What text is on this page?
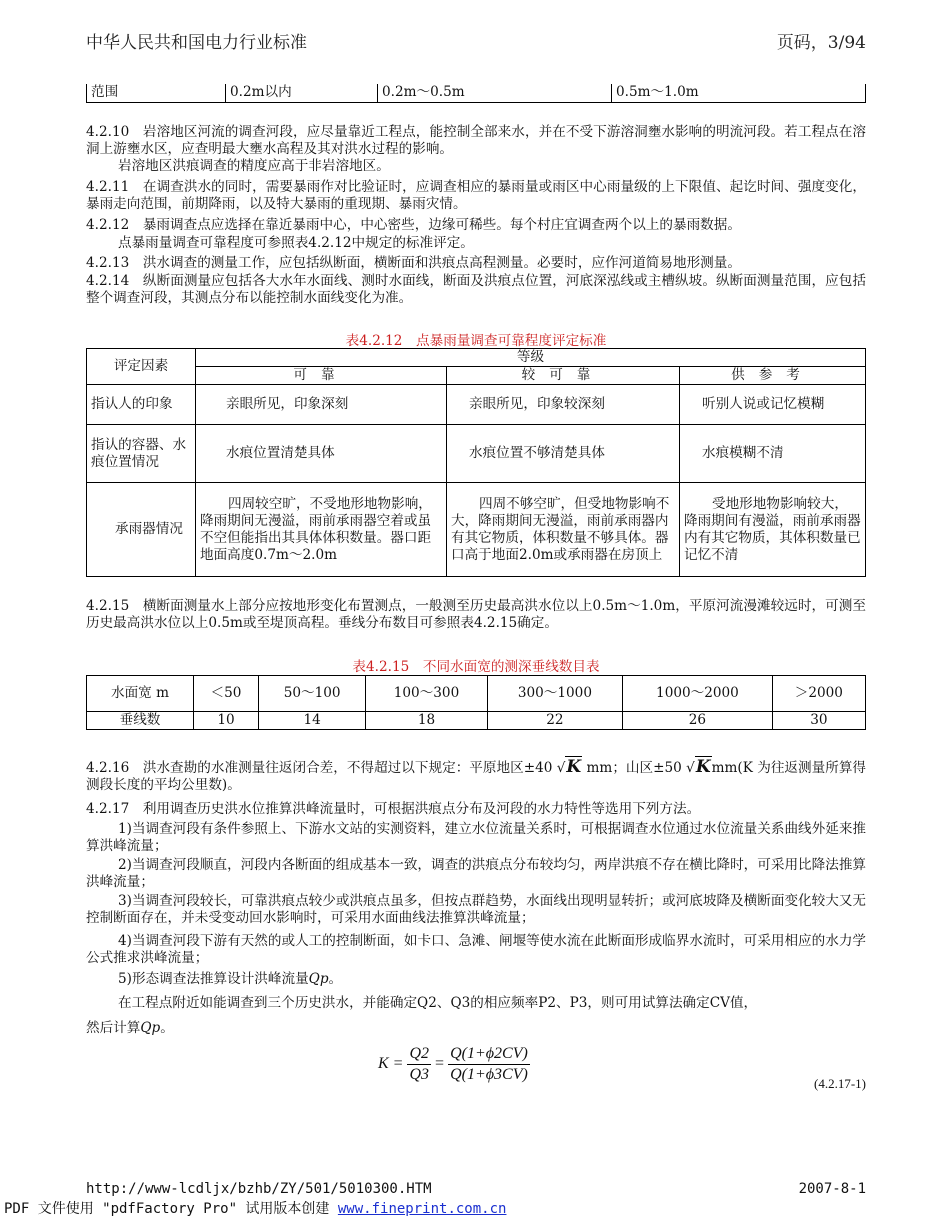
中华人民共和国电力行业标准	页码，3/94
范围	0.2m以内	0.2m～0.5m	0.5m～1.0m

4.2.10　岩溶地区河流的调查河段，应尽量靠近工程点，能控制全部来水，并在不受下游溶洞壅水影响的明流河段。若工程点在溶洞上游壅水区，应查明最大壅水高程及其对洪水过程的影响。

岩溶地区洪痕调查的精度应高于非岩溶地区。

4.2.11　在调查洪水的同时，需要暴雨作对比验证时，应调查相应的暴雨量或雨区中心雨量级的上下限值、起讫时间、强度变化，暴雨走向范围，前期降雨，以及特大暴雨的重现期、暴雨灾情。

4.2.12　暴雨调查点应选择在靠近暴雨中心，中心密些，边缘可稀些。每个村庄宜调查两个以上的暴雨数据。

点暴雨量调查可靠程度可参照表4.2.12中规定的标准评定。

4.2.13　洪水调查的测量工作，应包括纵断面，横断面和洪痕点高程测量。必要时，应作河道简易地形测量。

4.2.14　纵断面测量应包括各大水年水面线、测时水面线，断面及洪痕点位置，河底深泓线或主槽纵坡。纵断面测量范围，应包括整个调查河段，其测点分布以能控制水面线变化为准。

表4.2.12　点暴雨量调查可靠程度评定标准
评定因素	等级		
	可靠	较可靠	供参考
指认人的印象	亲眼所见，印象深刻	亲眼所见，印象较深刻	听别人说或记忆模糊
指认的容器、水痕位置情况	水痕位置清楚具体	水痕位置不够清楚具体	水痕模糊不清
承雨器情况	四周较空旷，不受地形地物影响，降雨期间无漫溢，雨前承雨器空着或虽不空但能指出其具体体积数量。器口距地面高度0.7m～2.0m	四周不够空旷，但受地物影响不大，降雨期间无漫溢，雨前承雨器内有其它物质，体积数量不够具体。器口高于地面2.0m或承雨器在房顶上	受地形地物影响较大，降雨期间有漫溢，雨前承雨器内有其它物质，其体积数量已记忆不清

4.2.15　横断面测量水上部分应按地形变化布置测点，一般测至历史最高洪水位以上0.5m～1.0m，平原河流漫滩较远时，可测至历史最高洪水位以上0.5m或至堤顶高程。垂线分布数目可参照表4.2.15确定。

表4.2.15　不同水面宽的测深垂线数目表
水面宽 m	＜50	50～100	100～300	300～1000	1000～2000	＞2000
垂线数	10	14	18	22	26	30

4.2.16　洪水查勘的水准测量往返闭合差，不得超过以下规定：平原地区±40 √K mm；山区±50 √Kmm(K 为往返测量所算得测段长度的平均公里数)。

4.2.17　利用调查历史洪水位推算洪峰流量时，可根据洪痕点分布及河段的水力特性等选用下列方法。

1)当调查河段有条件参照上、下游水文站的实测资料，建立水位流量关系时，可根据调查水位通过水位流量关系曲线外延来推算洪峰流量；

2)当调查河段顺直，河段内各断面的组成基本一致，调查的洪痕点分布较均匀，两岸洪痕不存在横比降时，可采用比降法推算洪峰流量；

3)当调查河段较长，可靠洪痕点较少或洪痕点虽多，但按点群趋势，水面线出现明显转折；或河底坡降及横断面变化较大又无控制断面存在，并未受变动回水影响时，可采用水面曲线法推算洪峰流量；

4)当调查河段下游有天然的或人工的控制断面，如卡口、急滩、闸堰等使水流在此断面形成临界水流时，可采用相应的水力学公式推求洪峰流量；

5)形态调查法推算设计洪峰流量Qp。

在工程点附近如能调查到三个历史洪水，并能确定Q2、Q3的相应频率P2、P3，则可用试算法确定CV值，

然后计算Qp。

$K = \frac{Q2}{Q3} = \frac{Q(1+\phi 2CV)}{Q(1+\phi 3CV)}$	(4.2.17-1)
http://www-lcdljx/bzhb/ZY/501/5010300.HTM	2007-8-1
PDF 文件使用 "pdfFactory Pro" 试用版本创建 www.fineprint.com.cn
